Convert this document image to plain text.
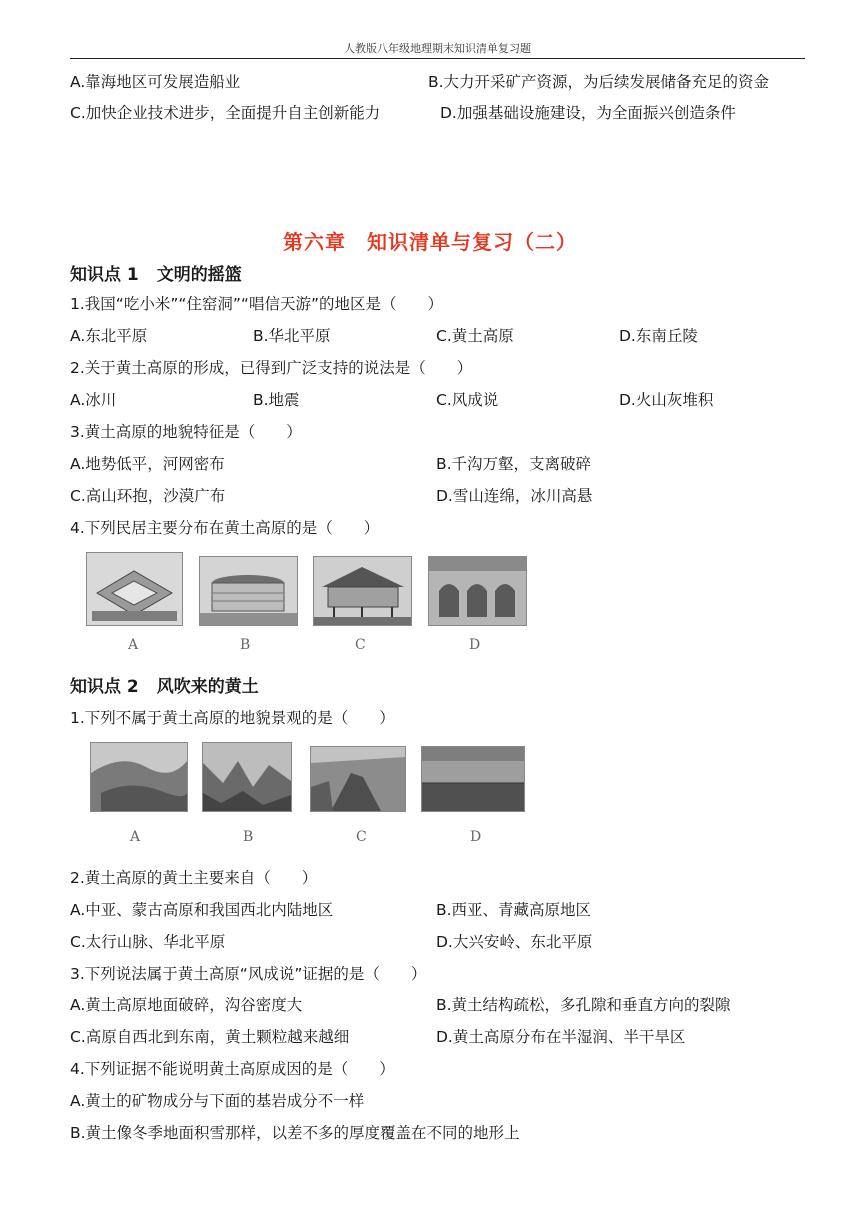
人教版八年级地理期末知识清单复习题
A.靠海地区可发展造船业	B.大力开采矿产资源，为后续发展储备充足的资金
C.加快企业技术进步，全面提升自主创新能力	D.加强基础设施建设，为全面振兴创造条件
第六章　知识清单与复习（二）
知识点 1 文明的摇篮
1.我国“吃小米”“住窑洞”“唱信天游”的地区是（　　）
A.东北平原	B.华北平原	C.黄土高原	D.东南丘陵
2.关于黄土高原的形成，已得到广泛支持的说法是（　　）
A.冰川	B.地震	C.风成说	D.火山灰堆积
3.黄土高原的地貌特征是（　　）
A.地势低平，河网密布	B.千沟万壑，支离破碎
C.高山环抱，沙漠广布	D.雪山连绵，冰川高悬
4.下列民居主要分布在黄土高原的是（　　）
A	B	C	D
知识点 2 风吹来的黄土
1.下列不属于黄土高原的地貌景观的是（　　）
A	B	C	D
2.黄土高原的黄土主要来自（　　）
A.中亚、蒙古高原和我国西北内陆地区	B.西亚、青藏高原地区
C.太行山脉、华北平原	D.大兴安岭、东北平原
3.下列说法属于黄土高原“风成说”证据的是（　　）
A.黄土高原地面破碎，沟谷密度大	B.黄土结构疏松，多孔隙和垂直方向的裂隙
C.高原自西北到东南，黄土颗粒越来越细	D.黄土高原分布在半湿润、半干旱区
4.下列证据不能说明黄土高原成因的是（　　）
A.黄土的矿物成分与下面的基岩成分不一样
B.黄土像冬季地面积雪那样，以差不多的厚度覆盖在不同的地形上
